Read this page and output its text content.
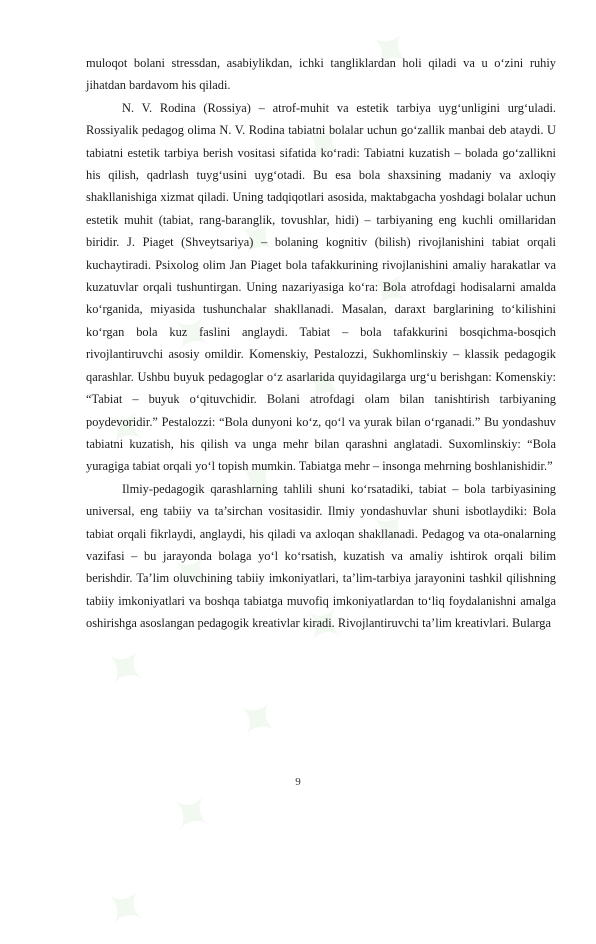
✦
✦
✦
✦
✦
✦
✦
✦
✦
✦
✦
✦
✦
✦
✦

muloqot bolani stressdan, asabiylikdan, ichki tangliklardan holi qiladi va u o‘zini ruhiy jihatdan bardavom his qiladi.

N. V. Rodina (Rossiya) – atrof-muhit va estetik tarbiya uyg‘unligini urg‘uladi. Rossiyalik pedagog olima N. V. Rodina tabiatni bolalar uchun go‘zallik manbai deb ataydi. U tabiatni estetik tarbiya berish vositasi sifatida ko‘radi: Tabiatni kuzatish – bolada go‘zallikni his qilish, qadrlash tuyg‘usini uyg‘otadi. Bu esa bola shaxsining madaniy va axloqiy shakllanishiga xizmat qiladi. Uning tadqiqotlari asosida, maktabgacha yoshdagi bolalar uchun estetik muhit (tabiat, rang-baranglik, tovushlar, hidi) – tarbiyaning eng kuchli omillaridan biridir. J. Piaget (Shveytsariya) – bolaning kognitiv (bilish) rivojlanishini tabiat orqali kuchaytiradi. Psixolog olim Jan Piaget bola tafakkurining rivojlanishini amaliy harakatlar va kuzatuvlar orqali tushuntirgan. Uning nazariyasiga ko‘ra: Bola atrofdagi hodisalarni amalda ko‘rganida, miyasida tushunchalar shakllanadi. Masalan, daraxt barglarining to‘kilishini ko‘rgan bola kuz faslini anglaydi. Tabiat – bola tafakkurini bosqichma-bosqich rivojlantiruvchi asosiy omildir. Komenskiy, Pestalozzi, Sukhomlinskiy – klassik pedagogik qarashlar. Ushbu buyuk pedagoglar o‘z asarlarida quyidagilarga urg‘u berishgan: Komenskiy: “Tabiat – buyuk o‘qituvchidir. Bolani atrofdagi olam bilan tanishtirish tarbiyaning poydevoridir.” Pestalozzi: “Bola dunyoni ko‘z, qo‘l va yurak bilan o‘rganadi.” Bu yondashuv tabiatni kuzatish, his qilish va unga mehr bilan qarashni anglatadi. Suxomlinskiy: “Bola yuragiga tabiat orqali yo‘l topish mumkin. Tabiatga mehr – insonga mehrning boshlanishidir.”

Ilmiy-pedagogik qarashlarning tahlili shuni ko‘rsatadiki, tabiat – bola tarbiyasining universal, eng tabiiy va ta’sirchan vositasidir. Ilmiy yondashuvlar shuni isbotlaydiki: Bola tabiat orqali fikrlaydi, anglaydi, his qiladi va axloqan shakllanadi. Pedagog va ota-onalarning vazifasi – bu jarayonda bolaga yo‘l ko‘rsatish, kuzatish va amaliy ishtirok orqali bilim berishdir. Ta’lim oluvchining tabiiy imkoniyatlari, ta’lim-tarbiya jarayonini tashkil qilishning tabiiy imkoniyatlari va boshqa tabiatga muvofiq imkoniyatlardan to‘liq foydalanishni amalga oshirishga asoslangan pedagogik kreativlar kiradi. Rivojlantiruvchi ta’lim kreativlari. Bularga

9
